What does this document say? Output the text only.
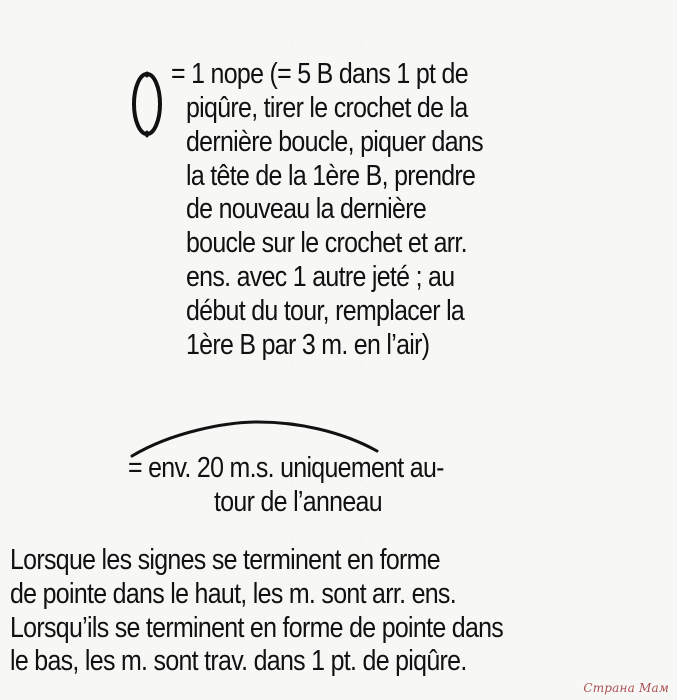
= 1 nope (= 5 B dans 1 pt de
piqûre, tirer le crochet de la
dernière boucle, piquer dans
la tête de la 1ère B, prendre
de nouveau la dernière
boucle sur le crochet et arr.
ens. avec 1 autre jeté ; au
début du tour, remplacer la
1ère B par 3 m. en l’air)
= env. 20 m.s. uniquement au-
tour de l’anneau
Lorsque les signes se terminent en forme
de pointe dans le haut, les m. sont arr. ens.
Lorsqu’ils se terminent en forme de pointe dans
le bas, les m. sont trav. dans 1 pt. de piqûre.
Страна Мам
